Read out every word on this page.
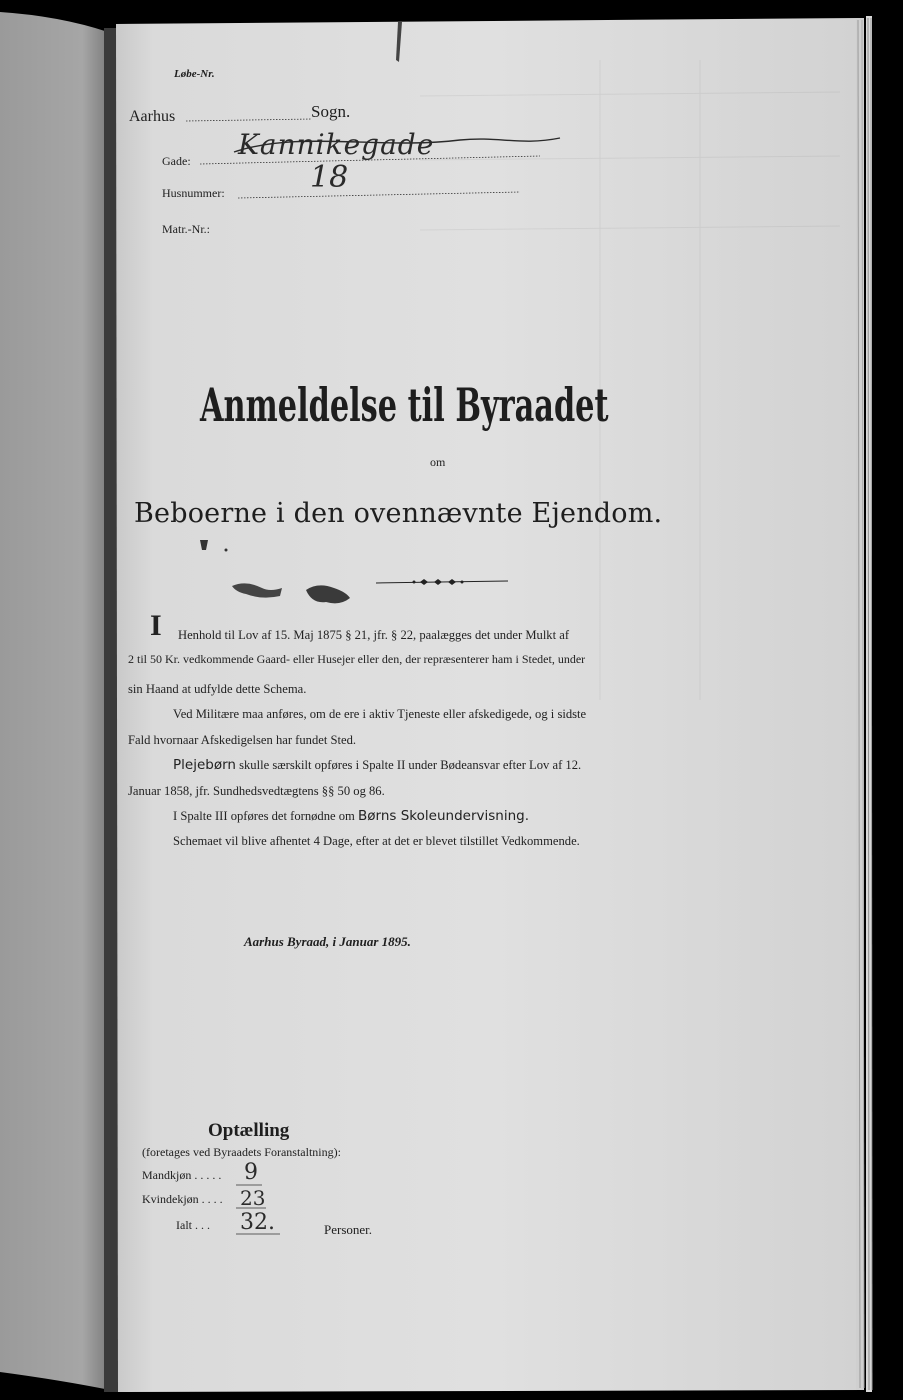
Løbe-Nr.
Aarhus	Sogn.
Gade: Kannikegade
Husnummer:	18
Matr.-Nr.:
Anmeldelse til Byraadet
om
Beboerne i den ovennævnte Ejendom.
I Henhold til Lov af 15. Maj 1875 § 21, jfr. § 22, paalægges det under Mulkt af
2 til 50 Kr. vedkommende Gaard- eller Husejer eller den, der repræsenterer ham i Stedet, under
sin Haand at udfylde dette Schema.
Ved Militære maa anføres, om de ere i aktiv Tjeneste eller afskedigede, og i sidste
Fald hvornaar Afskedigelsen har fundet Sted.
Plejebørn skulle særskilt opføres i Spalte II under Bødeansvar efter Lov af 12.
Januar 1858, jfr. Sundhedsvedtægtens §§ 50 og 86.
I Spalte III opføres det fornødne om Børns Skoleundervisning.
Schemaet vil blive afhentet 4 Dage, efter at det er blevet tilstillet Vedkommende.
Aarhus Byraad, i Januar 1895.
Optælling
(foretages ved Byraadets Foranstaltning):
Mandkjøn . . . . . 9
Kvindekjøn . . . . 23
Ialt . . . 32.	Personer.
